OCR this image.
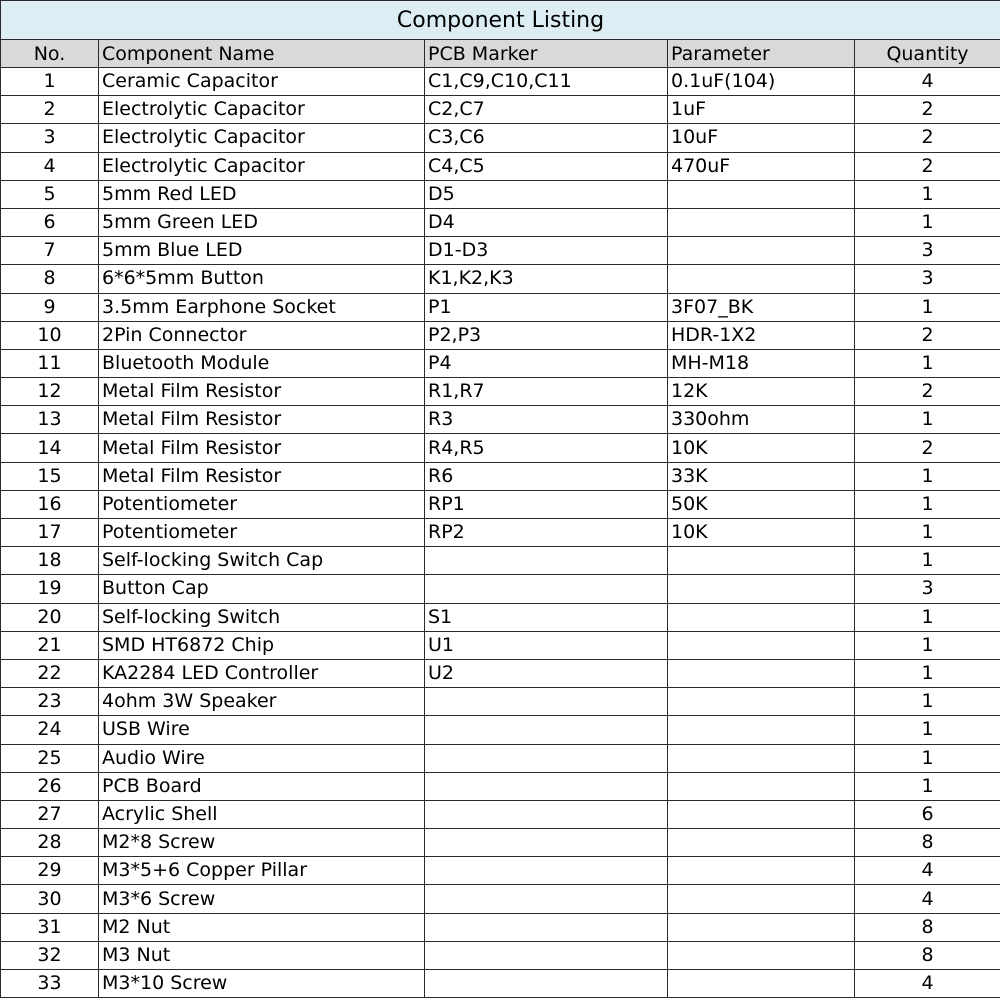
Component Listing				
No.	Component Name	PCB Marker	Parameter	Quantity
1	Ceramic Capacitor	C1,C9,C10,C11	0.1uF(104)	4
2	Electrolytic Capacitor	C2,C7	1uF	2
3	Electrolytic Capacitor	C3,C6	10uF	2
4	Electrolytic Capacitor	C4,C5	470uF	2
5	5mm Red LED	D5		1
6	5mm Green LED	D4		1
7	5mm Blue LED	D1-D3		3
8	6*6*5mm Button	K1,K2,K3		3
9	3.5mm Earphone Socket	P1	3F07_BK	1
10	2Pin Connector	P2,P3	HDR-1X2	2
11	Bluetooth Module	P4	MH-M18	1
12	Metal Film Resistor	R1,R7	12K	2
13	Metal Film Resistor	R3	330ohm	1
14	Metal Film Resistor	R4,R5	10K	2
15	Metal Film Resistor	R6	33K	1
16	Potentiometer	RP1	50K	1
17	Potentiometer	RP2	10K	1
18	Self-locking Switch Cap			1
19	Button Cap			3
20	Self-locking Switch	S1		1
21	SMD HT6872 Chip	U1		1
22	KA2284 LED Controller	U2		1
23	4ohm 3W Speaker			1
24	USB Wire			1
25	Audio Wire			1
26	PCB Board			1
27	Acrylic Shell			6
28	M2*8 Screw			8
29	M3*5+6 Copper Pillar			4
30	M3*6 Screw			4
31	M2 Nut			8
32	M3 Nut			8
33	M3*10 Screw			4
